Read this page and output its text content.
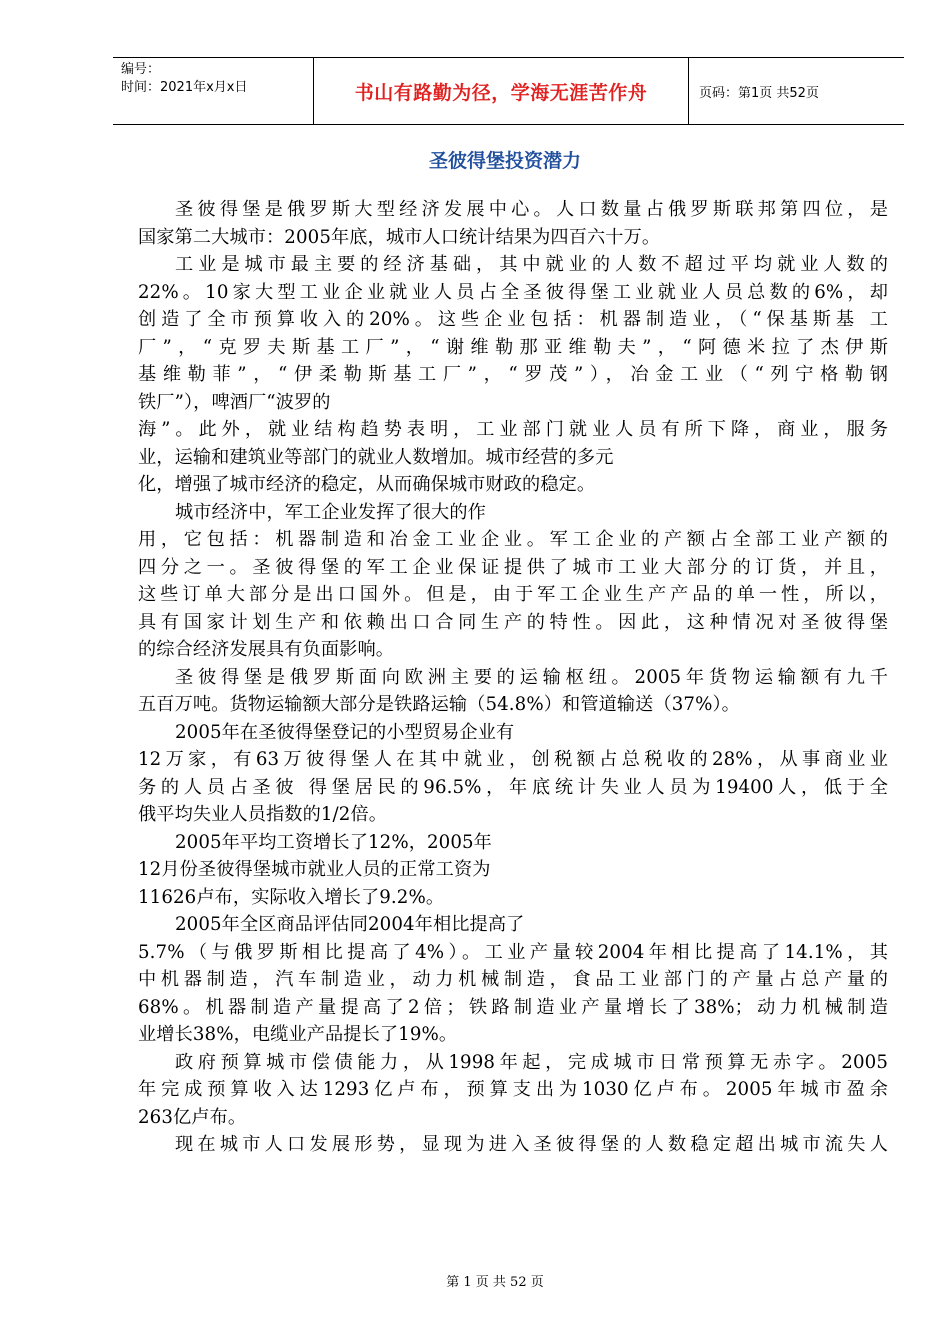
编号：
时间：2021年x月x日	书山有路勤为径，学海无涯苦作舟	页码：第1页 共52页
圣彼得堡投资潜力
圣彼得堡是俄罗斯大型经济发展中心。人口数量占俄罗斯联邦第四位，是
国家第二大城市：2005年底，城市人口统计结果为四百六十万。
工业是城市最主要的经济基础，其中就业的人数不超过平均就业人数的
22%。10家大型工业企业就业人员占全圣彼得堡工业就业人员总数的6%，却
创造了全市预算收入的20%。这些企业包括：机器制造业，（“保基斯基 工
厂”，“克罗夫斯基工厂”，“谢维勒那亚维勒夫”，“阿德米拉了杰伊斯
基维勒菲”，“伊柔勒斯基工厂”，“罗茂”），冶金工业（“列宁格勒钢
铁厂”），啤酒厂“波罗的
海”。此外，就业结构趋势表明，工业部门就业人员有所下降，商业，服务
业，运输和建筑业等部门的就业人数增加。城市经营的多元
化，增强了城市经济的稳定，从而确保城市财政的稳定。
城市经济中，军工企业发挥了很大的作
用，它包括：机器制造和冶金工业企业。军工企业的产额占全部工业产额的
四分之一。圣彼得堡的军工企业保证提供了城市工业大部分的订货，并且，
这些订单大部分是出口国外。但是，由于军工企业生产产品的单一性，所以，
具有国家计划生产和依赖出口合同生产的特性。因此，这种情况对圣彼得堡
的综合经济发展具有负面影响。
圣彼得堡是俄罗斯面向欧洲主要的运输枢纽。2005年货物运输额有九千
五百万吨。货物运输额大部分是铁路运输（54.8%）和管道输送（37%）。
2005年在圣彼得堡登记的小型贸易企业有
12万家，有63万彼得堡人在其中就业，创税额占总税收的28%，从事商业业
务的人员占圣彼 得堡居民的96.5%，年底统计失业人员为19400人，低于全
俄平均失业人员指数的1/2倍。
2005年平均工资增长了12%，2005年
12月份圣彼得堡城市就业人员的正常工资为
11626卢布，实际收入增长了9.2%。
2005年全区商品评估同2004年相比提高了
5.7%（与俄罗斯相比提高了4%）。工业产量较2004年相比提高了14.1%，其
中机器制造，汽车制造业，动力机械制造，食品工业部门的产量占总产量的
68%。机器制造产量提高了2倍；铁路制造业产量增长了38%；动力机械制造
业增长38%，电缆业产品提长了19%。
政府预算城市偿债能力，从1998年起，完成城市日常预算无赤字。2005
年完成预算收入达1293亿卢布，预算支出为1030亿卢布。2005年城市盈余
263亿卢布。
现在城市人口发展形势，显现为进入圣彼得堡的人数稳定超出城市流失人
第 1 页 共 52 页
